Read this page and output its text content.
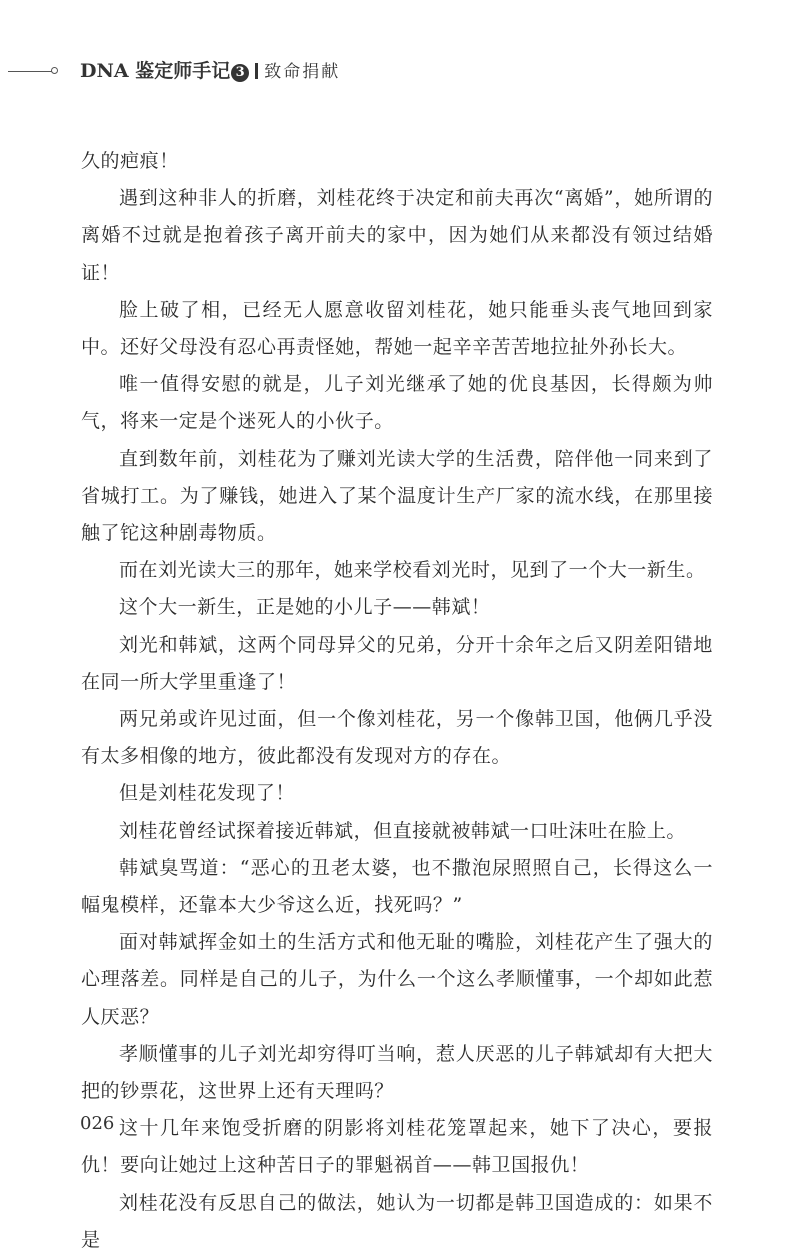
DNA 鉴定师手记 3 致命捐献

久的疤痕！

遇到这种非人的折磨，刘桂花终于决定和前夫再次“离婚”，她所谓的离婚不过就是抱着孩子离开前夫的家中，因为她们从来都没有领过结婚证！

脸上破了相，已经无人愿意收留刘桂花，她只能垂头丧气地回到家中。还好父母没有忍心再责怪她，帮她一起辛辛苦苦地拉扯外孙长大。

唯一值得安慰的就是，儿子刘光继承了她的优良基因，长得颇为帅气，将来一定是个迷死人的小伙子。

直到数年前，刘桂花为了赚刘光读大学的生活费，陪伴他一同来到了省城打工。为了赚钱，她进入了某个温度计生产厂家的流水线，在那里接触了铊这种剧毒物质。

而在刘光读大三的那年，她来学校看刘光时，见到了一个大一新生。

这个大一新生，正是她的小儿子——韩斌！

刘光和韩斌，这两个同母异父的兄弟，分开十余年之后又阴差阳错地在同一所大学里重逢了！

两兄弟或许见过面，但一个像刘桂花，另一个像韩卫国，他俩几乎没有太多相像的地方，彼此都没有发现对方的存在。

但是刘桂花发现了！

刘桂花曾经试探着接近韩斌，但直接就被韩斌一口吐沫吐在脸上。

韩斌臭骂道：“恶心的丑老太婆，也不撒泡尿照照自己，长得这么一幅鬼模样，还靠本大少爷这么近，找死吗？”

面对韩斌挥金如土的生活方式和他无耻的嘴脸，刘桂花产生了强大的心理落差。同样是自己的儿子，为什么一个这么孝顺懂事，一个却如此惹人厌恶？

孝顺懂事的儿子刘光却穷得叮当响，惹人厌恶的儿子韩斌却有大把大把的钞票花，这世界上还有天理吗？

这十几年来饱受折磨的阴影将刘桂花笼罩起来，她下了决心，要报仇！要向让她过上这种苦日子的罪魁祸首——韩卫国报仇！

刘桂花没有反思自己的做法，她认为一切都是韩卫国造成的：如果不是

026
